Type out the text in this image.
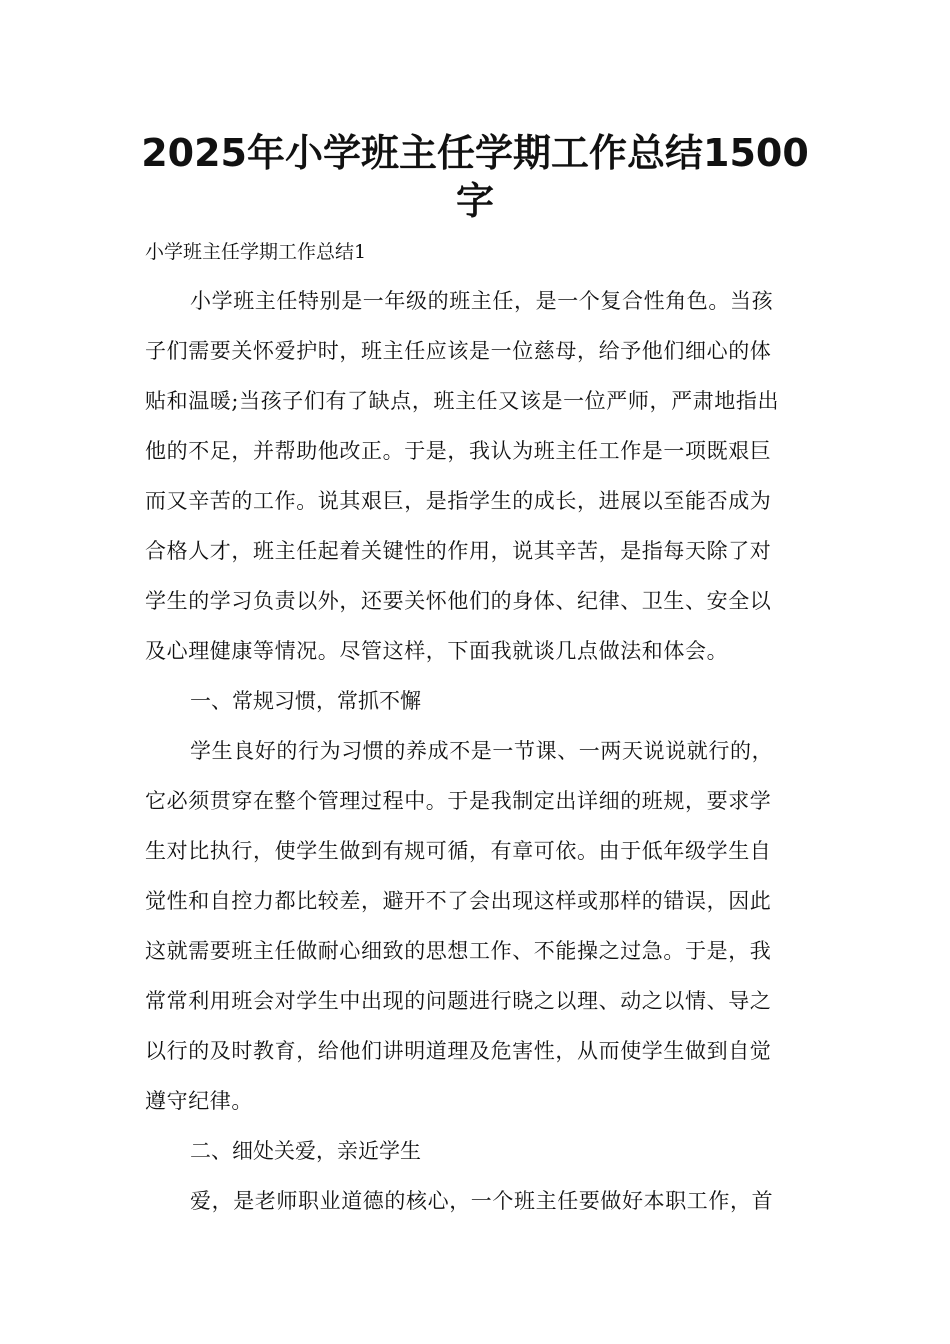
2025年小学班主任学期工作总结1500
字
小学班主任学期工作总结1
小学班主任特别是一年级的班主任，是一个复合性角色。当孩
子们需要关怀爱护时，班主任应该是一位慈母，给予他们细心的体
贴和温暖;当孩子们有了缺点，班主任又该是一位严师，严肃地指出
他的不足，并帮助他改正。于是，我认为班主任工作是一项既艰巨
而又辛苦的工作。说其艰巨，是指学生的成长，进展以至能否成为
合格人才，班主任起着关键性的作用，说其辛苦，是指每天除了对
学生的学习负责以外，还要关怀他们的身体、纪律、卫生、安全以
及心理健康等情况。尽管这样，下面我就谈几点做法和体会。
一、常规习惯，常抓不懈
学生良好的行为习惯的养成不是一节课、一两天说说就行的，
它必须贯穿在整个管理过程中。于是我制定出详细的班规，要求学
生对比执行，使学生做到有规可循，有章可依。由于低年级学生自
觉性和自控力都比较差，避开不了会出现这样或那样的错误，因此
这就需要班主任做耐心细致的思想工作、不能操之过急。于是，我
常常利用班会对学生中出现的问题进行晓之以理、动之以情、导之
以行的及时教育，给他们讲明道理及危害性，从而使学生做到自觉
遵守纪律。
二、细处关爱，亲近学生
爱，是老师职业道德的核心，一个班主任要做好本职工作，首
